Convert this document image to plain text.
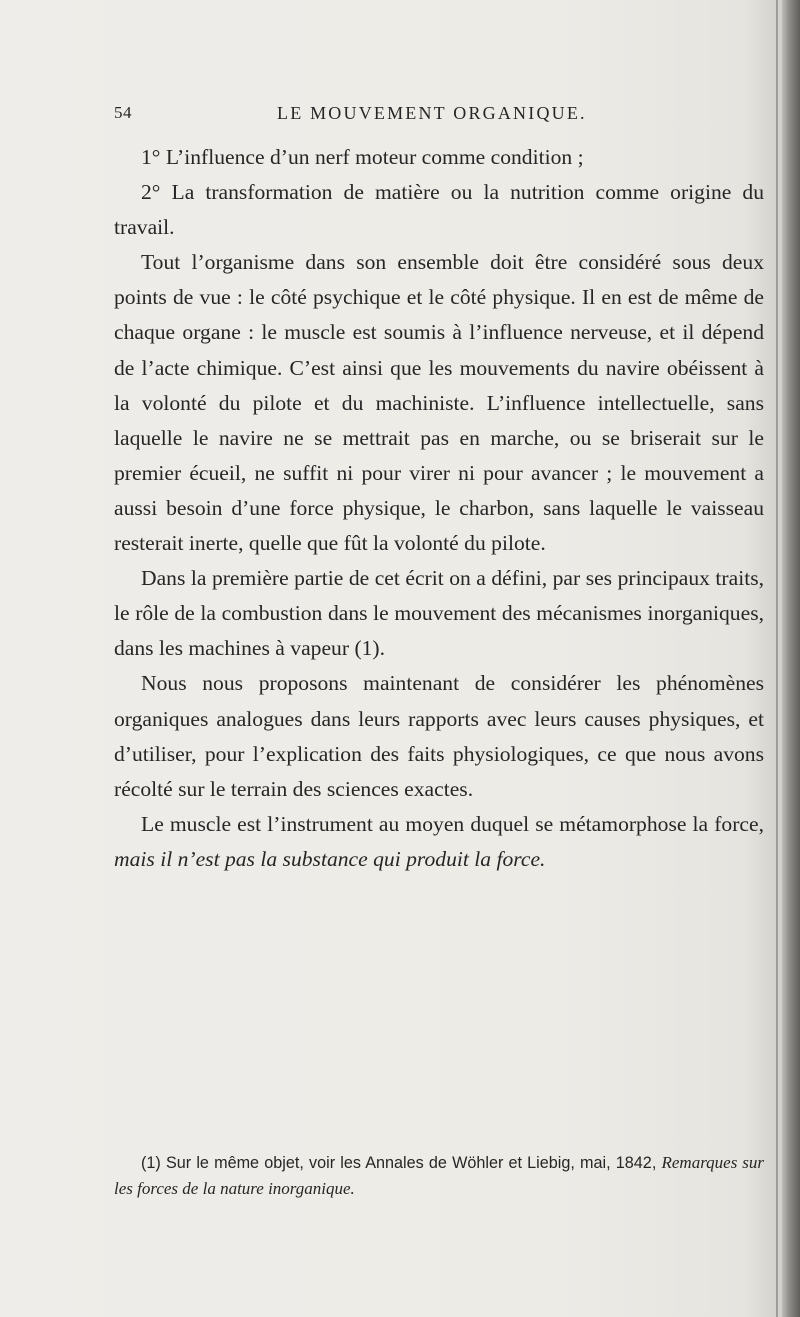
54	LE MOUVEMENT ORGANIQUE.

1° L’influence d’un nerf moteur comme condition ;

2° La transformation de matière ou la nutrition comme origine du travail.

Tout l’organisme dans son ensemble doit être considéré sous deux points de vue : le côté psychique et le côté physique. Il en est de même de chaque organe : le muscle est soumis à l’influence nerveuse, et il dépend de l’acte chimique. C’est ainsi que les mouvements du navire obéissent à la volonté du pilote et du machiniste. L’influence intellectuelle, sans laquelle le navire ne se mettrait pas en marche, ou se briserait sur le premier écueil, ne suffit ni pour virer ni pour avancer ; le mouvement a aussi besoin d’une force physique, le charbon, sans laquelle le vaisseau resterait inerte, quelle que fût la volonté du pilote.

Dans la première partie de cet écrit on a défini, par ses principaux traits, le rôle de la combustion dans le mouvement des mécanismes inorganiques, dans les machines à vapeur (1).

Nous nous proposons maintenant de considérer les phénomènes organiques analogues dans leurs rapports avec leurs causes physiques, et d’utiliser, pour l’explication des faits physiologiques, ce que nous avons récolté sur le terrain des sciences exactes.

Le muscle est l’instrument au moyen duquel se métamorphose la force, mais il n’est pas la substance qui produit la force.

(1) Sur le même objet, voir les Annales de Wöhler et Liebig, mai, 1842, Remarques sur les forces de la nature inorganique.
